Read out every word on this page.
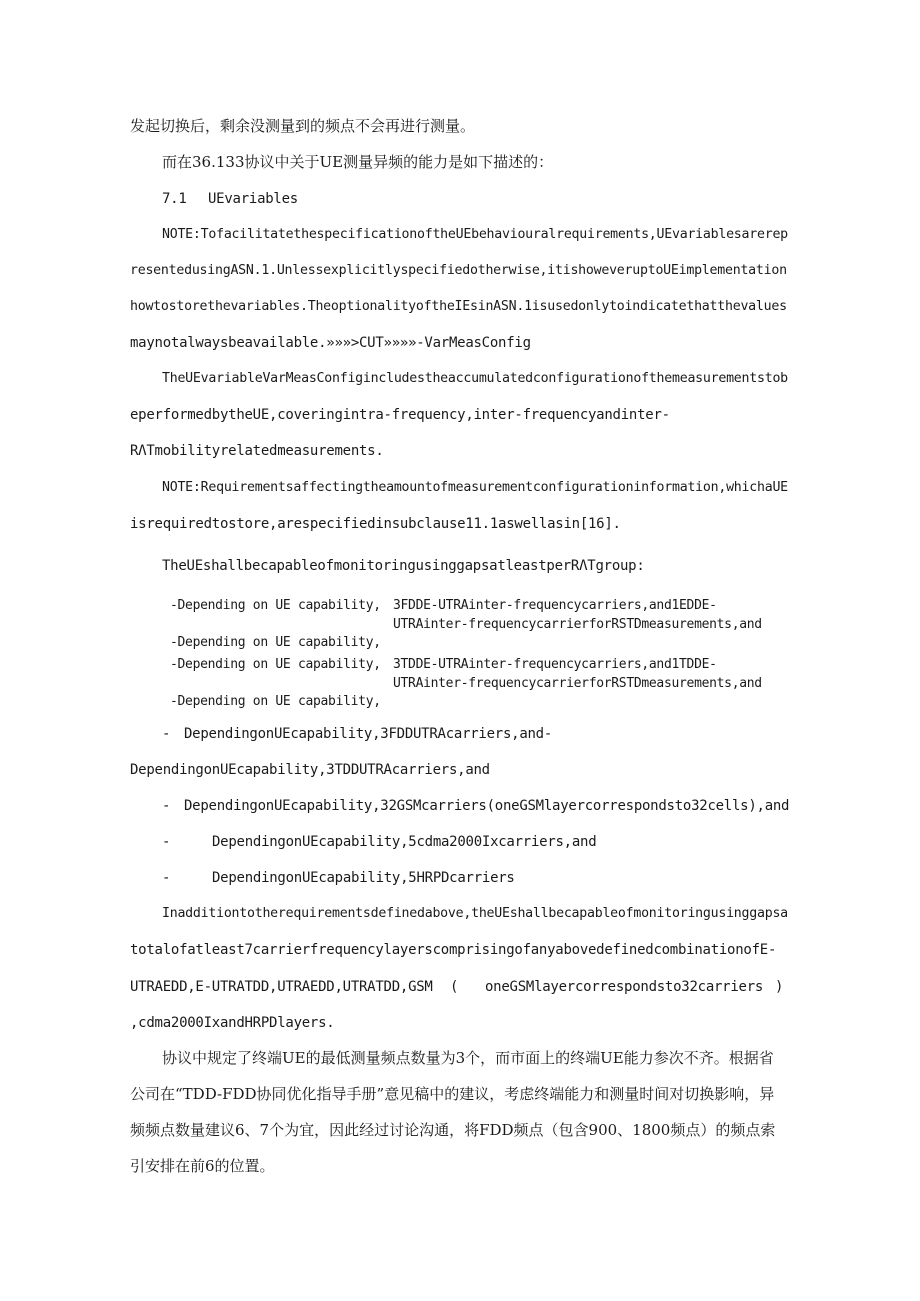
发起切换后，剩余没测量到的频点不会再进行测量。
而在36.133协议中关于UE测量异频的能力是如下描述的：
7.1 UEvariables
NOTE:TofacilitatethespecificationoftheUEbehaviouralrequirements,UEvariablesarerep
resentedusingASN.1.Unlessexplicitlyspecifiedotherwise,itishoweveruptoUEimplementation
howtostorethevariables.TheoptionalityoftheIEsinASN.1isusedonlytoindicatethatthevalues
maynotalwaysbeavailable.»»»>CUT»»»»-VarMeasConfig
TheUEvariableVarMeasConfigincludestheaccumulatedconfigurationofthemeasurementstob
eperformedbytheUE,coveringintra-frequency,inter-frequencyandinter-
RΛTmobilityrelatedmeasurements.
NOTE:Requirementsaffectingtheamountofmeasurementconfigurationinformation,whichaUE
isrequiredtostore,arespecifiedinsubclause11.1aswellasin[16].
TheUEshallbecapableofmonitoringusinggapsatleastperRΛTgroup:
-Depending on UE capability, 3FDDE-UTRAinter-frequencycarriers,and1EDDE-
UTRAinter-frequencycarrierforRSTDmeasurements,and
-Depending on UE capability,
-Depending on UE capability, 3TDDE-UTRAinter-frequencycarriers,and1TDDE-
UTRAinter-frequencycarrierforRSTDmeasurements,and
-Depending on UE capability,
- DependingonUEcapability,3FDDUTRAcarriers,and-
DependingonUEcapability,3TDDUTRAcarriers,and
- DependingonUEcapability,32GSMcarriers(oneGSMlayercorrespondsto32cells),and
-	DependingonUEcapability,5cdma2000Ixcarriers,and
-	DependingonUEcapability,5HRPDcarriers
Inadditiontotherequirementsdefinedabove,theUEshallbecapableofmonitoringusinggapsa
totalofatleast7carrierfrequencylayerscomprisingofanyabovedefinedcombinationofE-
UTRAEDD,E-UTRATDD,UTRAEDD,UTRATDD,GSM ( oneGSMlayercorrespondsto32carriers )
,cdma2000IxandHRPDlayers.
协议中规定了终端UE的最低测量频点数量为3个，而市面上的终端UE能力参次不齐。根据省
公司在“TDD-FDD协同优化指导手册”意见稿中的建议，考虑终端能力和测量时间对切换影响，异
频频点数量建议6、7个为宜，因此经过讨论沟通，将FDD频点（包含900、1800频点）的频点索
引安排在前6的位置。
